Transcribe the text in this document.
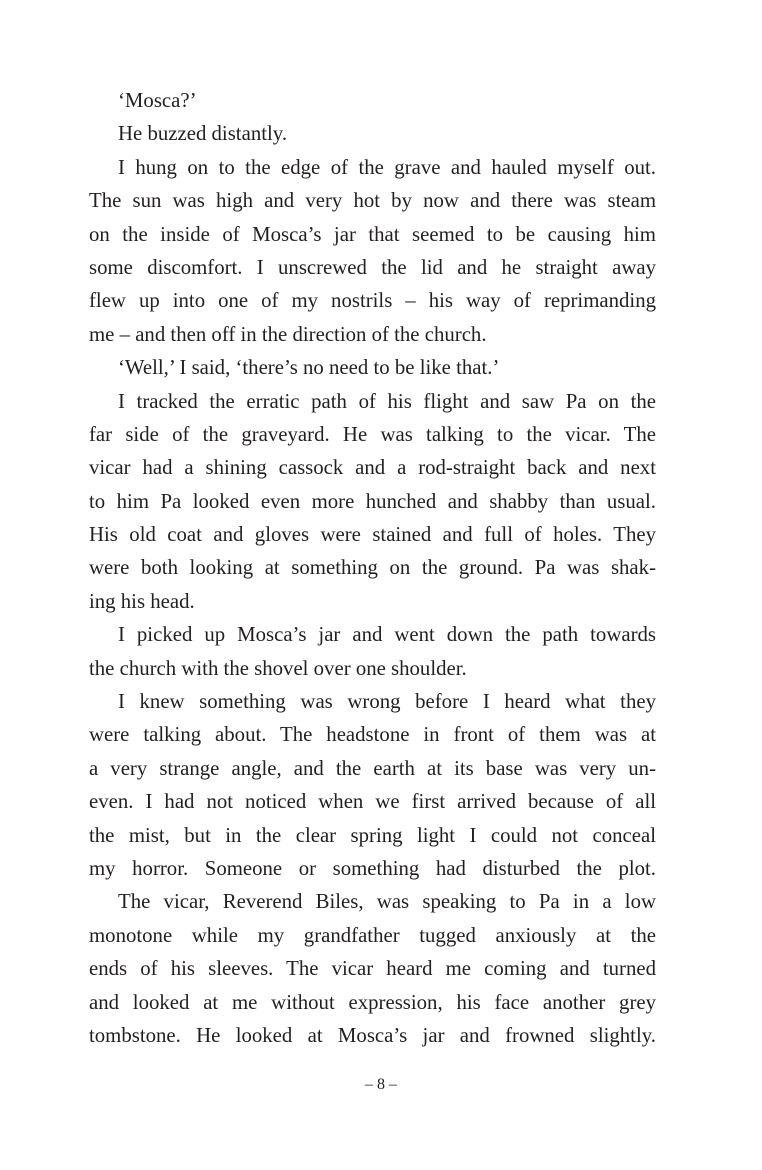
‘Mosca?’
He buzzed distantly.
I hung on to the edge of the grave and hauled myself out.
The sun was high and very hot by now and there was steam
on the inside of Mosca’s jar that seemed to be causing him
some discomfort. I unscrewed the lid and he straight away
flew up into one of my nostrils – his way of reprimanding
me – and then off in the direction of the church.
‘Well,’ I said, ‘there’s no need to be like that.’
I tracked the erratic path of his flight and saw Pa on the
far side of the graveyard. He was talking to the vicar. The
vicar had a shining cassock and a rod-straight back and next
to him Pa looked even more hunched and shabby than usual.
His old coat and gloves were stained and full of holes. They
were both looking at something on the ground. Pa was shak-
ing his head.
I picked up Mosca’s jar and went down the path towards
the church with the shovel over one shoulder.
I knew something was wrong before I heard what they
were talking about. The headstone in front of them was at
a very strange angle, and the earth at its base was very un-
even. I had not noticed when we first arrived because of all
the mist, but in the clear spring light I could not conceal
my horror. Someone or something had disturbed the plot.
The vicar, Reverend Biles, was speaking to Pa in a low
monotone while my grandfather tugged anxiously at the
ends of his sleeves. The vicar heard me coming and turned
and looked at me without expression, his face another grey
tombstone. He looked at Mosca’s jar and frowned slightly.
– 8 –
